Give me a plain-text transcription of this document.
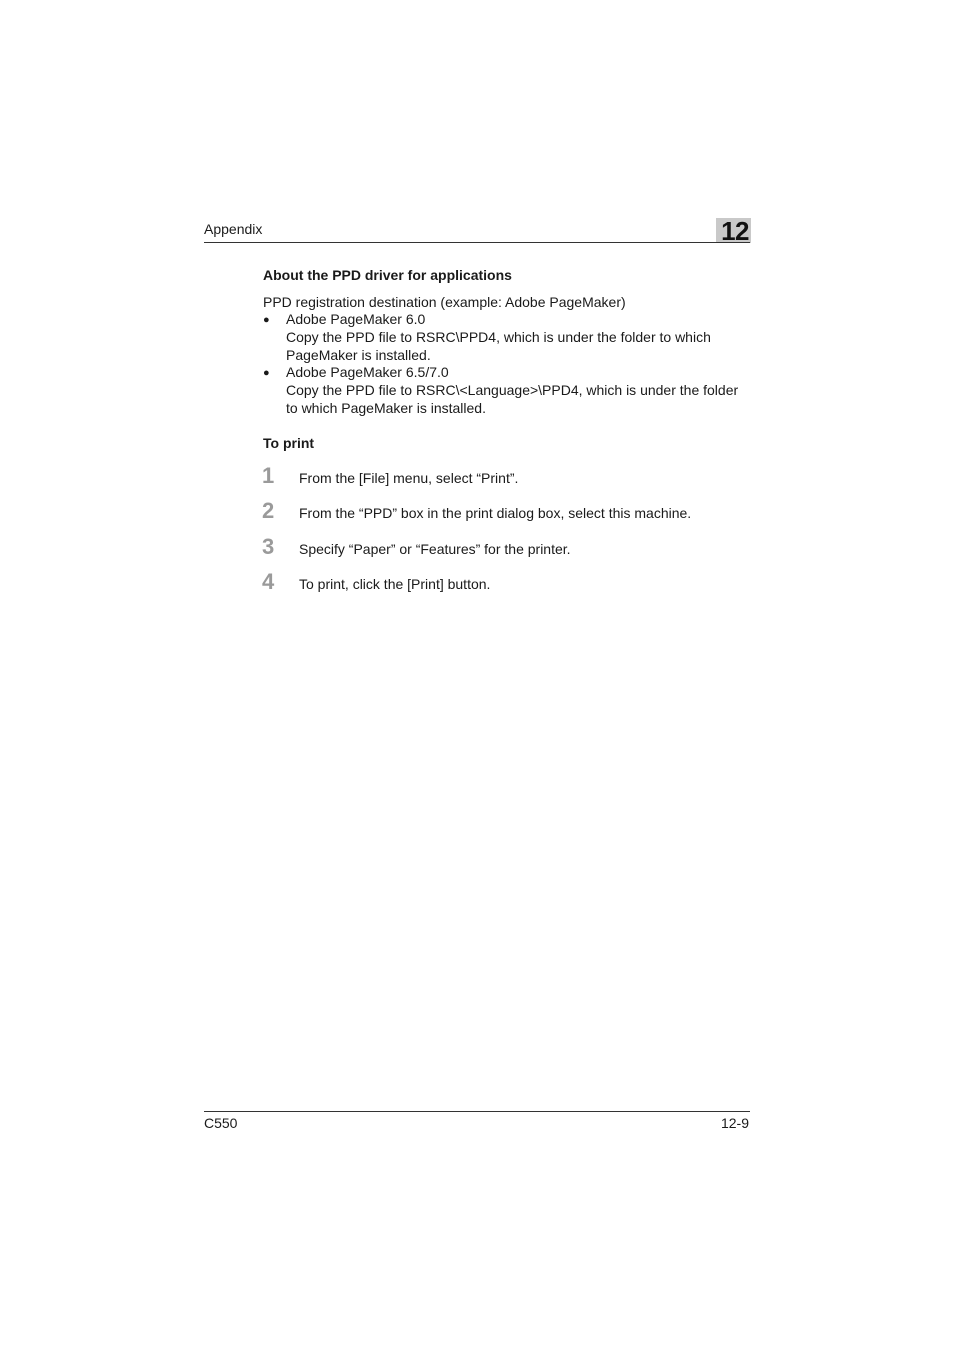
Appendix	12
About the PPD driver for applications
PPD registration destination (example: Adobe PageMaker)
● Adobe PageMaker 6.0
Copy the PPD file to RSRC\PPD4, which is under the folder to which
PageMaker is installed.
● Adobe PageMaker 6.5/7.0
Copy the PPD file to RSRC\<Language>\PPD4, which is under the folder
to which PageMaker is installed.
To print
1 From the [File] menu, select “Print”.
2 From the “PPD” box in the print dialog box, select this machine.
3 Specify “Paper” or “Features” for the printer.
4 To print, click the [Print] button.
C550	12-9
